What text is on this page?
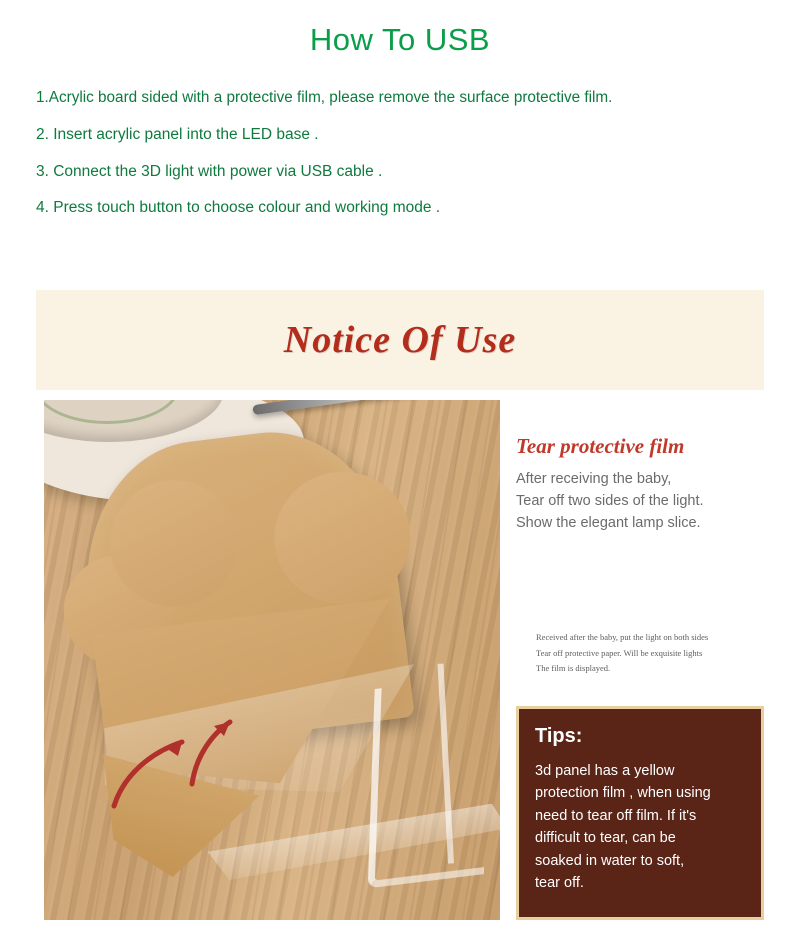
How To USB
1.Acrylic board sided with a protective film, please remove the surface protective film.
2. Insert acrylic panel into the LED base .
3. Connect the 3D light with power via USB cable .
4. Press touch button to choose colour and working mode .
Notice Of Use
Tear protective film
After receiving the baby,
Tear off two sides of the light.
Show the elegant lamp slice.
Received after the baby, put the light on both sides
Tear off protective paper. Will be exquisite lights
The film is displayed.
Tips:
3d panel has a yellow
protection film , when using
need to tear off film. If it's
difficult to tear, can be
soaked in water to soft,
tear off.
